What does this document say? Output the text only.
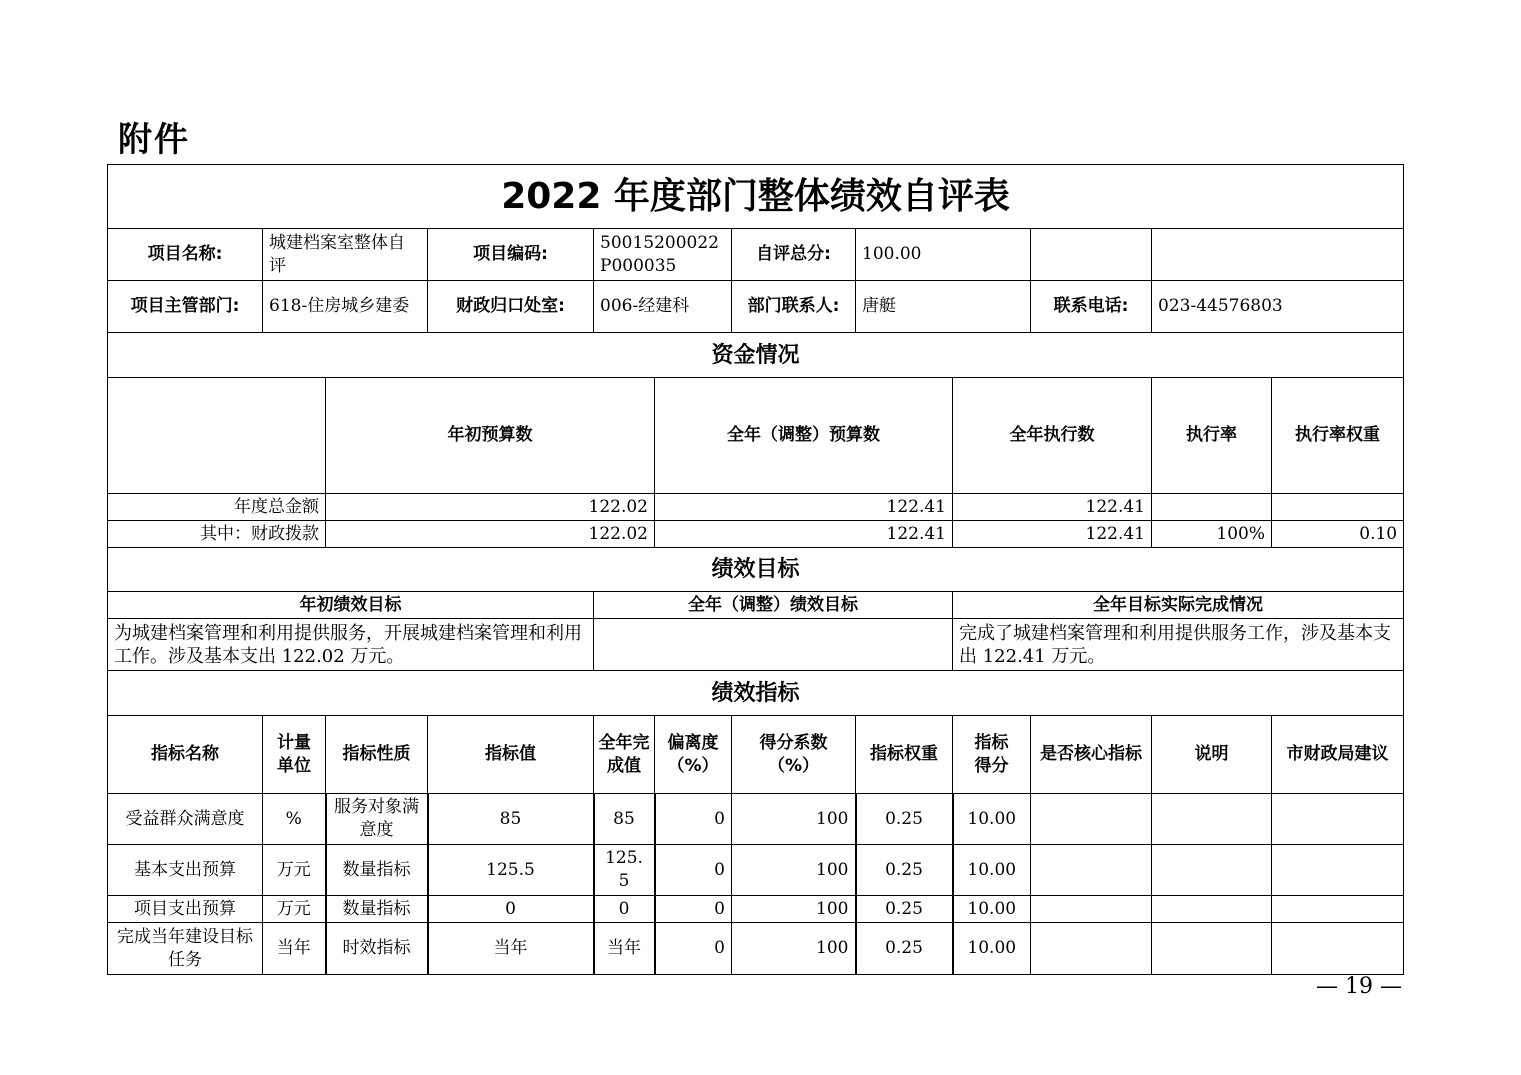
附件
2022 年度部门整体绩效自评表												
项目名称:	城建档案室整体自评		项目编码:	50015200022P000035		自评总分:	100.00					
项目主管部门:	618-住房城乡建委		财政归口处室:	006-经建科		部门联系人:	唐艇		联系电话:	023-44576803		
资金情况												
		年初预算数			全年（调整）预算数			全年执行数		执行率	执行率权重	
年度总金额		122.02			122.41			122.41				
其中：财政拨款		122.02			122.41			122.41		100%	0.10	
绩效目标												
年初绩效目标				全年（调整）绩效目标				全年目标实际完成情况				
为城建档案管理和利用提供服务，开展城建档案管理和利用工作。涉及基本支出 122.02 万元。								完成了城建档案管理和利用提供服务工作，涉及基本支出 122.41 万元。				
绩效指标												
指标名称	计量单位	指标性质	指标值	全年完成值	偏离度（%）	得分系数（%）	指标权重	指标得分	是否核心指标	说明	市财政局建议	
受益群众满意度	%	服务对象满意度	85	85	0	100	0.25	10.00				
基本支出预算	万元	数量指标	125.5	125.5	0	100	0.25	10.00				
项目支出预算	万元	数量指标	0	0	0	100	0.25	10.00				
完成当年建设目标任务	当年	时效指标	当年	当年	0	100	0.25	10.00				
— 19 —
